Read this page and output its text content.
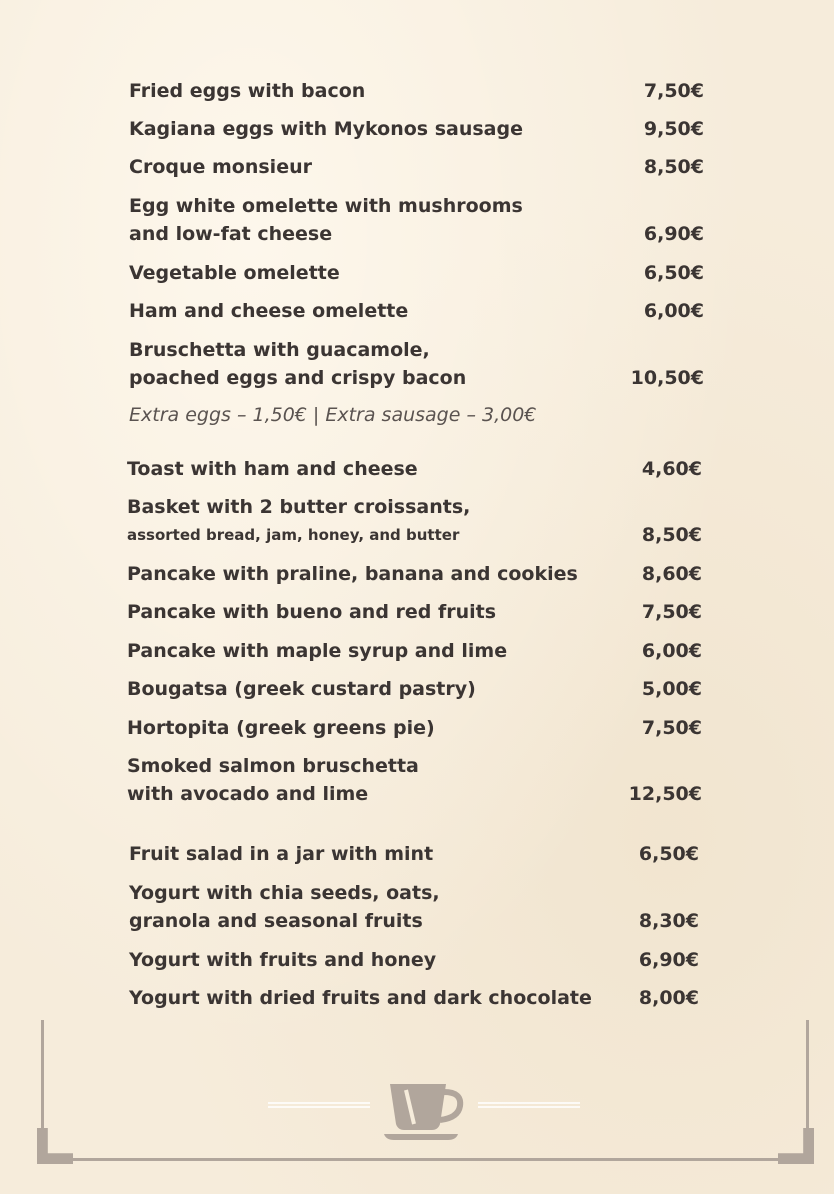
Fried eggs with bacon	7,50€
Kagiana eggs with Mykonos sausage	9,50€
Croque monsieur	8,50€
Egg white omelette with mushrooms
and low-fat cheese	6,90€
Vegetable omelette	6,50€
Ham and cheese omelette	6,00€
Bruschetta with guacamole,
poached eggs and crispy bacon	10,50€
Extra eggs – 1,50€ | Extra sausage – 3,00€
Toast with ham and cheese	4,60€
Basket with 2 butter croissants,
assorted bread, jam, honey, and butter	8,50€
Pancake with praline, banana and cookies	8,60€
Pancake with bueno and red fruits	7,50€
Pancake with maple syrup and lime	6,00€
Bougatsa (greek custard pastry)	5,00€
Hortopita (greek greens pie)	7,50€
Smoked salmon bruschetta
with avocado and lime	12,50€
Fruit salad in a jar with mint	6,50€
Yogurt with chia seeds, oats,
granola and seasonal fruits	8,30€
Yogurt with fruits and honey	6,90€
Yogurt with dried fruits and dark chocolate 8,00€
